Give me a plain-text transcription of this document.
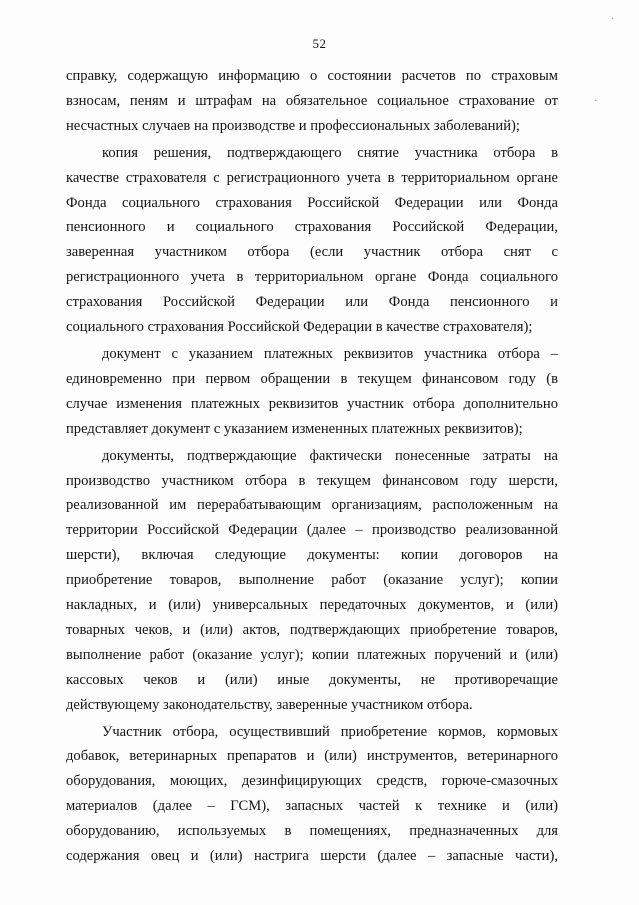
52
справку, содержащую информацию о состоянии расчетов по страховым
взносам, пеням и штрафам на обязательное социальное страхование от
несчастных случаев на производстве и профессиональных заболеваний);
копия решения, подтверждающего снятие участника отбора в
качестве страхователя с регистрационного учета в территориальном органе
Фонда социального страхования Российской Федерации или Фонда
пенсионного и социального страхования Российской Федерации,
заверенная участником отбора (если участник отбора снят с
регистрационного учета в территориальном органе Фонда социального
страхования Российской Федерации или Фонда пенсионного и
социального страхования Российской Федерации в качестве страхователя);
документ с указанием платежных реквизитов участника отбора –
единовременно при первом обращении в текущем финансовом году (в
случае изменения платежных реквизитов участник отбора дополнительно
представляет документ с указанием измененных платежных реквизитов);
документы, подтверждающие фактически понесенные затраты на
производство участником отбора в текущем финансовом году шерсти,
реализованной им перерабатывающим организациям, расположенным на
территории Российской Федерации (далее – производство реализованной
шерсти), включая следующие документы: копии договоров на
приобретение товаров, выполнение работ (оказание услуг); копии
накладных, и (или) универсальных передаточных документов, и (или)
товарных чеков, и (или) актов, подтверждающих приобретение товаров,
выполнение работ (оказание услуг); копии платежных поручений и (или)
кассовых чеков и (или) иные документы, не противоречащие
действующему законодательству, заверенные участником отбора.
Участник отбора, осуществивший приобретение кормов, кормовых
добавок, ветеринарных препаратов и (или) инструментов, ветеринарного
оборудования, моющих, дезинфицирующих средств, горюче-смазочных
материалов (далее – ГСМ), запасных частей к технике и (или)
оборудованию, используемых в помещениях, предназначенных для
содержания овец и (или) настрига шерсти (далее – запасные части),
·
·
